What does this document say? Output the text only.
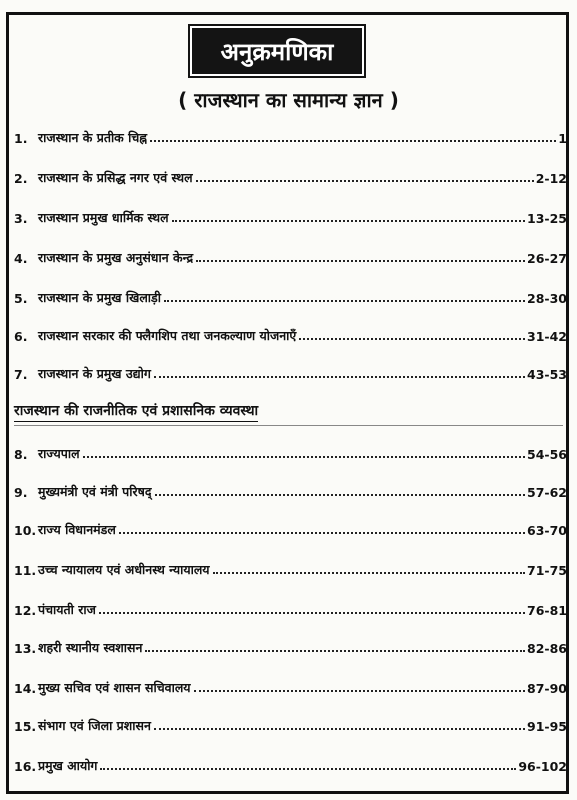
अनुक्रमणिका
( राजस्थान का सामान्य ज्ञान )
1. राजस्थान के प्रतीक चिह्न	1
2. राजस्थान के प्रसिद्ध नगर एवं स्थल	2-12
3. राजस्थान प्रमुख धार्मिक स्थल	13-25
4. राजस्थान के प्रमुख अनुसंधान केन्द्र	26-27
5. राजस्थान के प्रमुख खिलाड़ी	28-30
6. राजस्थान सरकार की फ्लैगशिप तथा जनकल्याण योजनाएँ	31-42
7. राजस्थान के प्रमुख उद्योग	43-53
राजस्थान की राजनीतिक एवं प्रशासनिक व्यवस्था
8. राज्यपाल	54-56
9. मुख्यमंत्री एवं मंत्री परिषद्	57-62
10. राज्य विधानमंडल	63-70
11. उच्च न्यायालय एवं अधीनस्थ न्यायालय	71-75
12. पंचायती राज	76-81
13. शहरी स्थानीय स्वशासन	82-86
14. मुख्य सचिव एवं शासन सचिवालय	87-90
15. संभाग एवं जिला प्रशासन	91-95
16. प्रमुख आयोग	96-102
